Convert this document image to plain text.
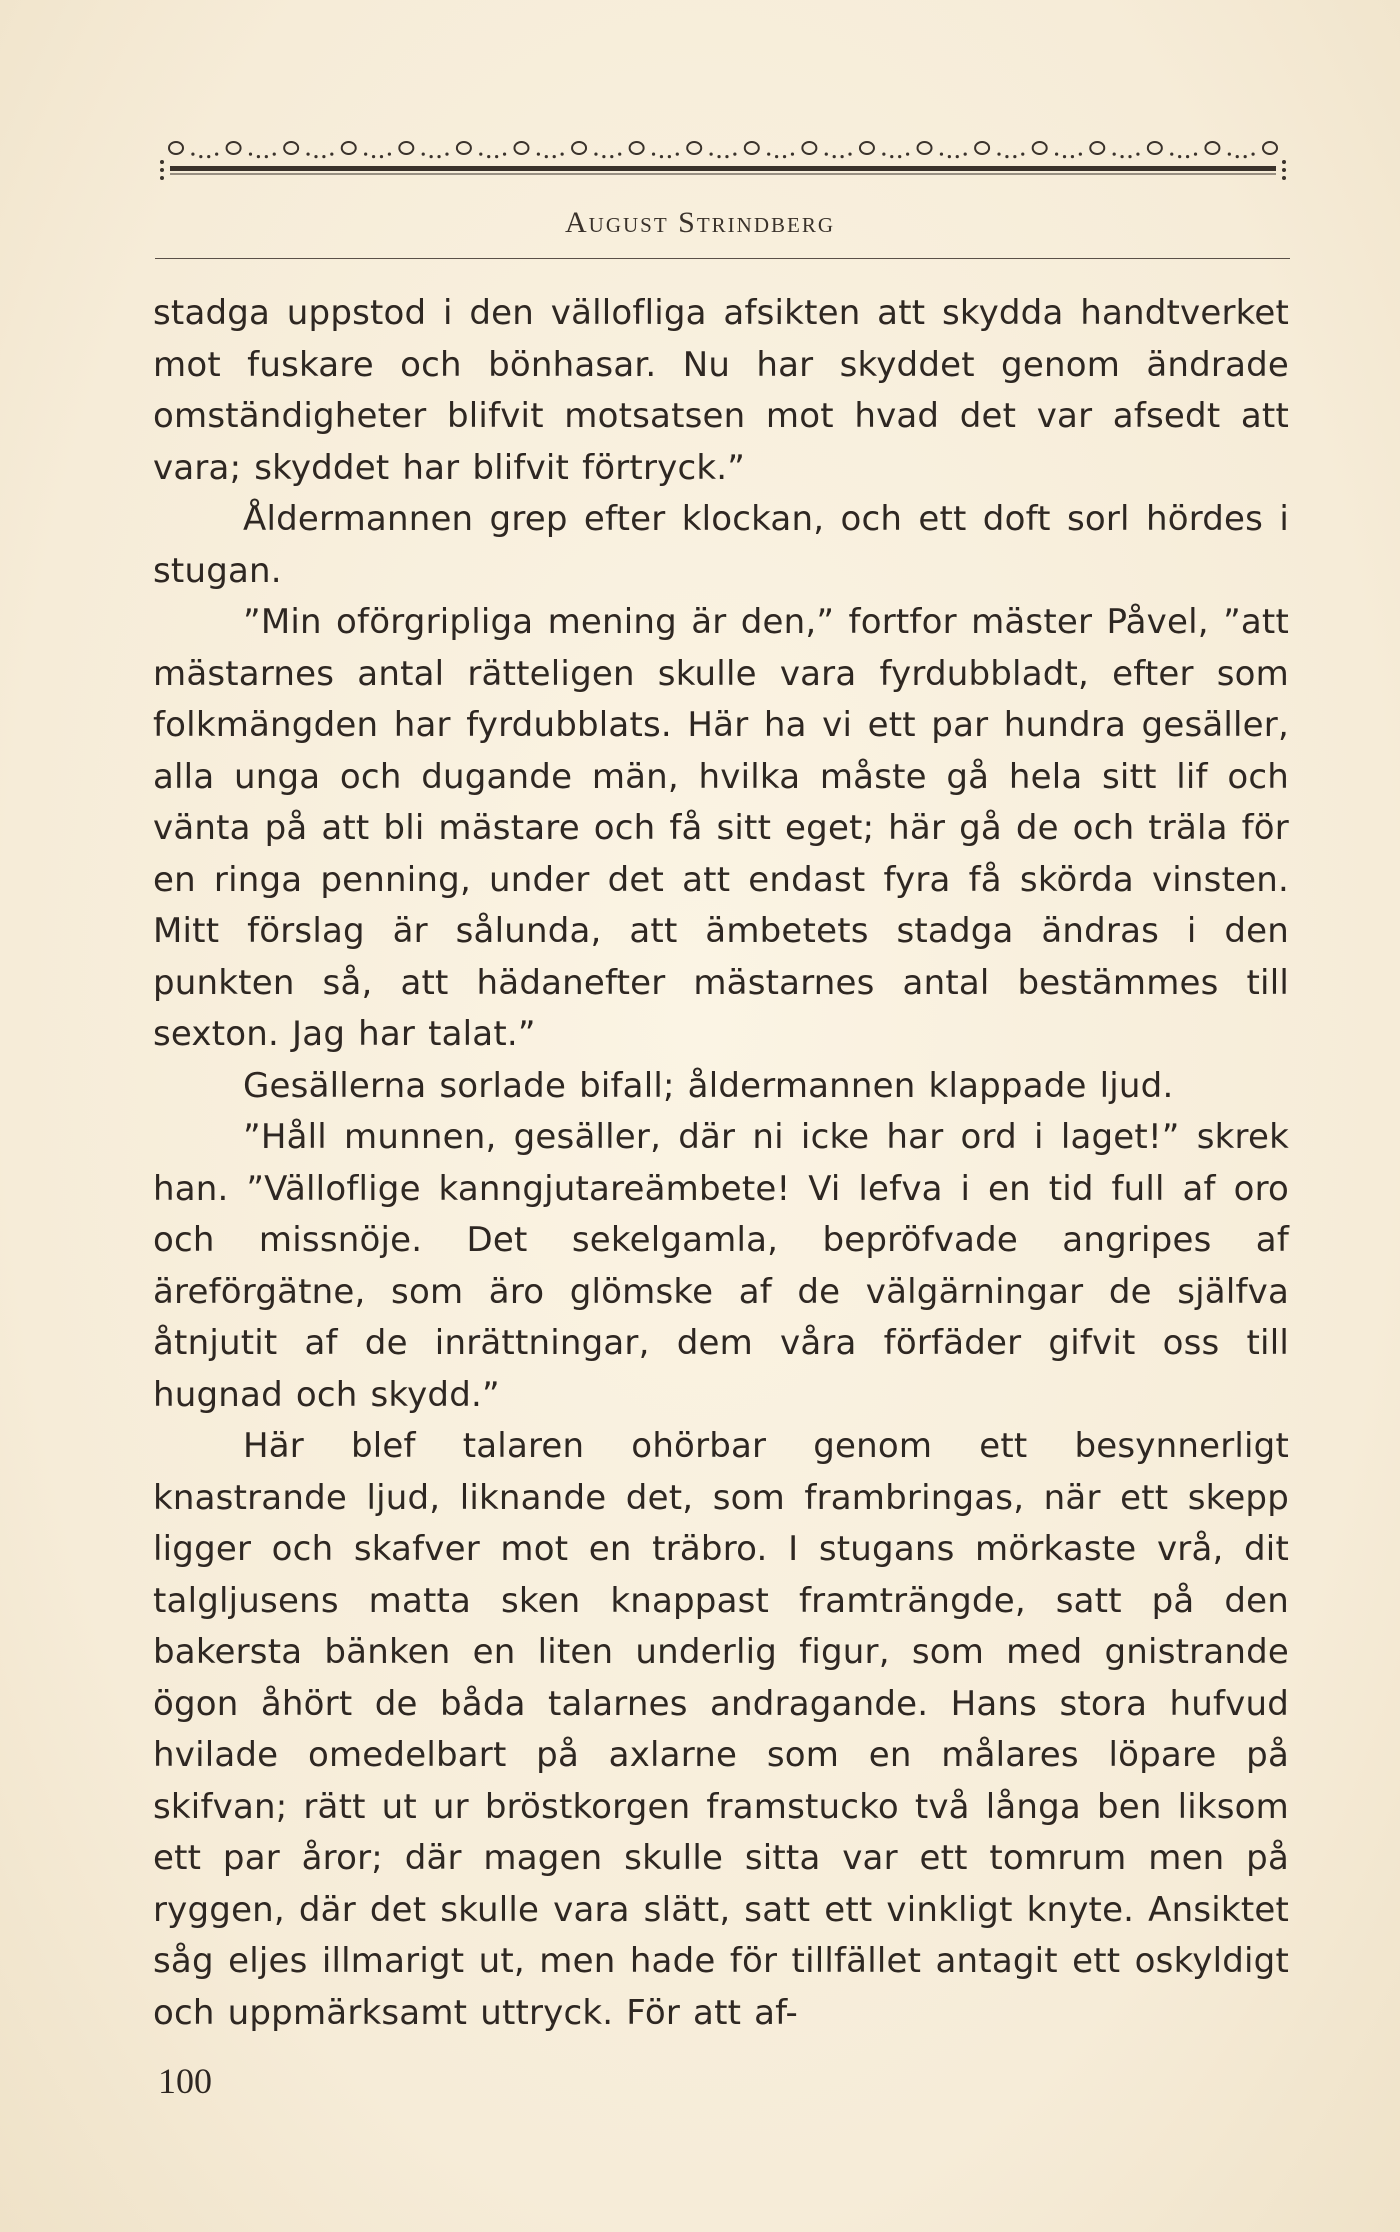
August Strindberg

stadga uppstod i den vällofliga afsikten att skydda handtverket mot fuskare och bönhasar. Nu har skyddet genom ändrade omständigheter blifvit motsatsen mot hvad det var afsedt att vara; skyddet har blifvit förtryck.”

Åldermannen grep efter klockan, och ett doft sorl hördes i stugan.

”Min oförgripliga mening är den,” fortfor mäster Påvel, ”att mästarnes antal rätteligen skulle vara fyrdubbladt, efter som folkmängden har fyrdubblats. Här ha vi ett par hundra gesäller, alla unga och dugande män, hvilka måste gå hela sitt lif och vänta på att bli mästare och få sitt eget; här gå de och träla för en ringa penning, under det att endast fyra få skörda vinsten. Mitt förslag är sålunda, att ämbetets stadga ändras i den punkten så, att hädanefter mästarnes antal bestämmes till sexton. Jag har talat.”

Gesällerna sorlade bifall; åldermannen klappade ljud.

”Håll munnen, gesäller, där ni icke har ord i laget!” skrek han. ”Välloflige kanngjutareämbete! Vi lefva i en tid full af oro och missnöje. Det sekelgamla, bepröfvade angripes af äreförgätne, som äro glömske af de välgärningar de själfva åtnjutit af de inrättningar, dem våra förfäder gifvit oss till hugnad och skydd.”

Här blef talaren ohörbar genom ett besynnerligt knastrande ljud, liknande det, som frambringas, när ett skepp ligger och skafver mot en träbro. I stugans mörkaste vrå, dit talgljusens matta sken knappast framträngde, satt på den bakersta bänken en liten underlig figur, som med gnistrande ögon åhört de båda talarnes andragande. Hans stora hufvud hvilade omedelbart på axlarne som en målares löpare på skifvan; rätt ut ur bröstkorgen framstucko två långa ben liksom ett par åror; där magen skulle sitta var ett tomrum men på ryggen, där det skulle vara slätt, satt ett vinkligt knyte. Ansiktet såg eljes illmarigt ut, men hade för tillfället antagit ett oskyldigt och uppmärksamt uttryck. För att af-

100
